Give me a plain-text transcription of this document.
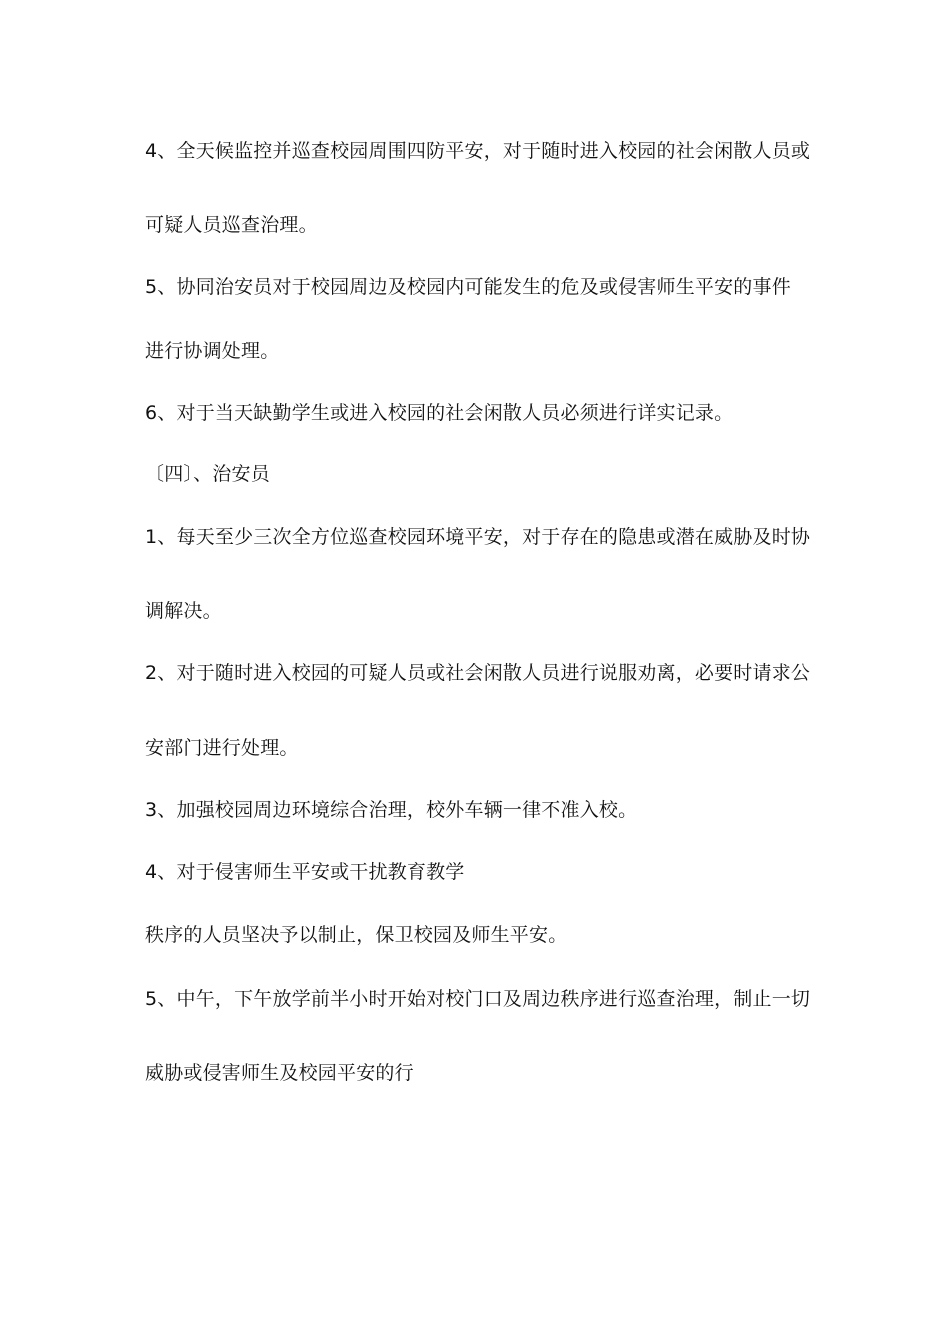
4、全天候监控并巡查校园周围四防平安，对于随时进入校园的社会闲散人员或
可疑人员巡查治理。
5、协同治安员对于校园周边及校园内可能发生的危及或侵害师生平安的事件
进行协调处理。
6、对于当天缺勤学生或进入校园的社会闲散人员必须进行详实记录。
〔四〕、治安员
1、每天至少三次全方位巡查校园环境平安，对于存在的隐患或潜在威胁及时协
调解决。
2、对于随时进入校园的可疑人员或社会闲散人员进行说服劝离，必要时请求公
安部门进行处理。
3、加强校园周边环境综合治理，校外车辆一律不准入校。
4、对于侵害师生平安或干扰教育教学
秩序的人员坚决予以制止，保卫校园及师生平安。
5、中午，下午放学前半小时开始对校门口及周边秩序进行巡查治理，制止一切
威胁或侵害师生及校园平安的行
